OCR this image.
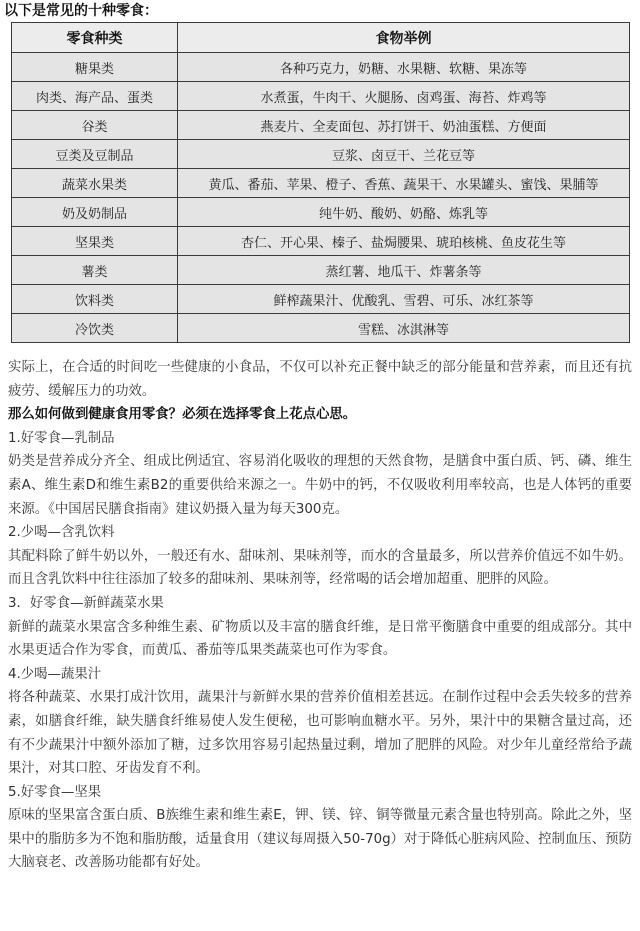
以下是常见的十种零食：

零食种类	食物举例
糖果类	各种巧克力，奶糖、水果糖、软糖、果冻等
肉类、海产品、蛋类	水煮蛋，牛肉干、火腿肠、卤鸡蛋、海苔、炸鸡等
谷类	燕麦片、全麦面包、苏打饼干、奶油蛋糕、方便面
豆类及豆制品	豆浆、卤豆干、兰花豆等
蔬菜水果类	黄瓜、番茄、苹果、橙子、香蕉、蔬果干、水果罐头、蜜饯、果脯等
奶及奶制品	纯牛奶、酸奶、奶酪、炼乳等
坚果类	杏仁、开心果、榛子、盐焗腰果、琥珀核桃、鱼皮花生等
薯类	蒸红薯、地瓜干、炸薯条等
饮料类	鲜榨蔬果汁、优酸乳、雪碧、可乐、冰红茶等
冷饮类	雪糕、冰淇淋等

实际上，在合适的时间吃一些健康的小食品，不仅可以补充正餐中缺乏的部分能量和营养素，而且还有抗疲劳、缓解压力的功效。

那么如何做到健康食用零食？必须在选择零食上花点心思。

1.好零食—乳制品

奶类是营养成分齐全、组成比例适宜、容易消化吸收的理想的天然食物，是膳食中蛋白质、钙、磷、维生素A、维生素D和维生素B2的重要供给来源之一。牛奶中的钙，不仅吸收利用率较高，也是人体钙的重要来源。《中国居民膳食指南》建议奶摄入量为每天300克。

2.少喝—含乳饮料

其配料除了鲜牛奶以外，一般还有水、甜味剂、果味剂等，而水的含量最多，所以营养价值远不如牛奶。而且含乳饮料中往往添加了较多的甜味剂、果味剂等，经常喝的话会增加超重、肥胖的风险。

3．好零食—新鲜蔬菜水果

新鲜的蔬菜水果富含多种维生素、矿物质以及丰富的膳食纤维，是日常平衡膳食中重要的组成部分。其中水果更适合作为零食，而黄瓜、番茄等瓜果类蔬菜也可作为零食。

4.少喝—蔬果汁

将各种蔬菜、水果打成汁饮用，蔬果汁与新鲜水果的营养价值相差甚远。在制作过程中会丢失较多的营养素，如膳食纤维，缺失膳食纤维易使人发生便秘，也可影响血糖水平。另外，果汁中的果糖含量过高，还有不少蔬果汁中额外添加了糖，过多饮用容易引起热量过剩，增加了肥胖的风险。对少年儿童经常给予蔬果汁，对其口腔、牙齿发育不利。

5.好零食—坚果

原味的坚果富含蛋白质、B族维生素和维生素E，钾、镁、锌、铜等微量元素含量也特别高。除此之外，坚果中的脂肪多为不饱和脂肪酸，适量食用（建议每周摄入50-70g）对于降低心脏病风险、控制血压、预防大脑衰老、改善肠功能都有好处。
